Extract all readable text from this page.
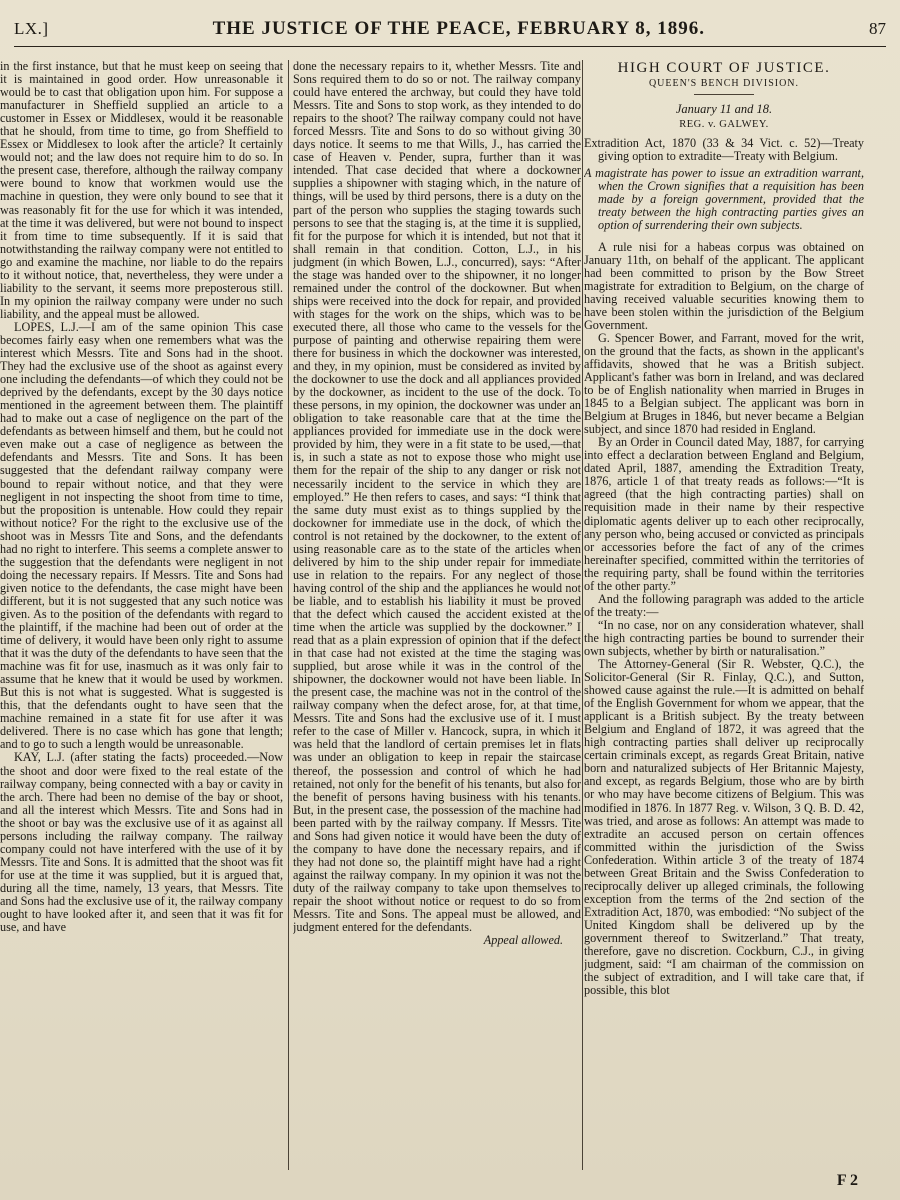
LX.]	THE JUSTICE OF THE PEACE, FEBRUARY 8, 1896.	87

in the first instance, but that he must keep on seeing that it is maintained in good order. How unreasonable it would be to cast that obligation upon him. For suppose a manufacturer in Sheffield supplied an article to a customer in Essex or Middlesex, would it be reasonable that he should, from time to time, go from Sheffield to Essex or Middlesex to look after the article? It certainly would not; and the law does not require him to do so. In the present case, therefore, although the railway company were bound to know that workmen would use the machine in question, they were only bound to see that it was reasonably fit for the use for which it was intended, at the time it was delivered, but were not bound to inspect it from time to time subsequently. If it is said that notwithstanding the railway company were not entitled to go and examine the machine, nor liable to do the repairs to it without notice, that, nevertheless, they were under a liability to the servant, it seems more preposterous still. In my opinion the railway company were under no such liability, and the appeal must be allowed.

LOPES, L.J.—I am of the same opinion This case becomes fairly easy when one remembers what was the interest which Messrs. Tite and Sons had in the shoot. They had the exclusive use of the shoot as against every one including the defendants—of which they could not be deprived by the defendants, except by the 30 days notice mentioned in the agreement between them. The plaintiff had to make out a case of negligence on the part of the defendants as between himself and them, but he could not even make out a case of negligence as between the defendants and Messrs. Tite and Sons. It has been suggested that the defendant railway company were bound to repair without notice, and that they were negligent in not inspecting the shoot from time to time, but the proposition is untenable. How could they repair without notice? For the right to the exclusive use of the shoot was in Messrs Tite and Sons, and the defendants had no right to interfere. This seems a complete answer to the suggestion that the defendants were negligent in not doing the necessary repairs. If Messrs. Tite and Sons had given notice to the defendants, the case might have been different, but it is not suggested that any such notice was given. As to the position of the defendants with regard to the plaintiff, if the machine had been out of order at the time of delivery, it would have been only right to assume that it was the duty of the defendants to have seen that the machine was fit for use, inasmuch as it was only fair to assume that he knew that it would be used by workmen. But this is not what is suggested. What is suggested is this, that the defendants ought to have seen that the machine remained in a state fit for use after it was delivered. There is no case which has gone that length; and to go to such a length would be unreasonable.

KAY, L.J. (after stating the facts) proceeded.—Now the shoot and door were fixed to the real estate of the railway company, being connected with a bay or cavity in the arch. There had been no demise of the bay or shoot, and all the interest which Messrs. Tite and Sons had in the shoot or bay was the exclusive use of it as against all persons including the railway company. The railway company could not have interfered with the use of it by Messrs. Tite and Sons. It is admitted that the shoot was fit for use at the time it was supplied, but it is argued that, during all the time, namely, 13 years, that Messrs. Tite and Sons had the exclusive use of it, the railway company ought to have looked after it, and seen that it was fit for use, and have

done the necessary repairs to it, whether Messrs. Tite and Sons required them to do so or not. The railway company could have entered the archway, but could they have told Messrs. Tite and Sons to stop work, as they intended to do repairs to the shoot? The railway company could not have forced Messrs. Tite and Sons to do so without giving 30 days notice. It seems to me that Wills, J., has carried the case of Heaven v. Pender, supra, further than it was intended. That case decided that where a dockowner supplies a shipowner with staging which, in the nature of things, will be used by third persons, there is a duty on the part of the person who supplies the staging towards such persons to see that the staging is, at the time it is supplied, fit for the purpose for which it is intended, but not that it shall remain in that condition. Cotton, L.J., in his judgment (in which Bowen, L.J., concurred), says: “After the stage was handed over to the shipowner, it no longer remained under the control of the dockowner. But when ships were received into the dock for repair, and provided with stages for the work on the ships, which was to be executed there, all those who came to the vessels for the purpose of painting and otherwise repairing them were there for business in which the dockowner was interested, and they, in my opinion, must be considered as invited by the dockowner to use the dock and all appliances provided by the dockowner, as incident to the use of the dock. To these persons, in my opinion, the dockowner was under an obligation to take reasonable care that at the time the appliances provided for immediate use in the dock were provided by him, they were in a fit state to be used,—that is, in such a state as not to expose those who might use them for the repair of the ship to any danger or risk not necessarily incident to the service in which they are employed.” He then refers to cases, and says: “I think that the same duty must exist as to things supplied by the dockowner for immediate use in the dock, of which the control is not retained by the dockowner, to the extent of using reasonable care as to the state of the articles when delivered by him to the ship under repair for immediate use in relation to the repairs. For any neglect of those having control of the ship and the appliances he would not be liable, and to establish his liability it must be proved that the defect which caused the accident existed at the time when the article was supplied by the dockowner.” I read that as a plain expression of opinion that if the defect in that case had not existed at the time the staging was supplied, but arose while it was in the control of the shipowner, the dockowner would not have been liable. In the present case, the machine was not in the control of the railway company when the defect arose, for, at that time, Messrs. Tite and Sons had the exclusive use of it. I must refer to the case of Miller v. Hancock, supra, in which it was held that the landlord of certain premises let in flats was under an obligation to keep in repair the staircase thereof, the possession and control of which he had retained, not only for the benefit of his tenants, but also for the benefit of persons having business with his tenants. But, in the present case, the possession of the machine had been parted with by the railway company. If Messrs. Tite and Sons had given notice it would have been the duty of the company to have done the necessary repairs, and if they had not done so, the plaintiff might have had a right against the railway company. In my opinion it was not the duty of the railway company to take upon themselves to repair the shoot without notice or request to do so from Messrs. Tite and Sons. The appeal must be allowed, and judgment entered for the defendants.

Appeal allowed.

HIGH COURT OF JUSTICE.
QUEEN'S BENCH DIVISION.
January 11 and 18.
REG. v. GALWEY.
Extradition Act, 1870 (33 & 34 Vict. c. 52)—Treaty giving option to extradite—Treaty with Belgium.
A magistrate has power to issue an extradition warrant, when the Crown signifies that a requisition has been made by a foreign government, provided that the treaty between the high contracting parties gives an option of surrendering their own subjects.

A rule nisi for a habeas corpus was obtained on January 11th, on behalf of the applicant. The applicant had been committed to prison by the Bow Street magistrate for extradition to Belgium, on the charge of having received valuable securities knowing them to have been stolen within the jurisdiction of the Belgium Government.

G. Spencer Bower, and Farrant, moved for the writ, on the ground that the facts, as shown in the applicant's affidavits, showed that he was a British subject. Applicant's father was born in Ireland, and was declared to be of English nationality when married in Bruges in 1845 to a Belgian subject. The applicant was born in Belgium at Bruges in 1846, but never became a Belgian subject, and since 1870 had resided in England.

By an Order in Council dated May, 1887, for carrying into effect a declaration between England and Belgium, dated April, 1887, amending the Extradition Treaty, 1876, article 1 of that treaty reads as follows:—“It is agreed (that the high contracting parties) shall on requisition made in their name by their respective diplomatic agents deliver up to each other reciprocally, any person who, being accused or convicted as principals or accessories before the fact of any of the crimes hereinafter specified, committed within the territories of the requiring party, shall be found within the territories of the other party.”

And the following paragraph was added to the article of the treaty:—

“In no case, nor on any consideration whatever, shall the high contracting parties be bound to surrender their own subjects, whether by birth or naturalisation.”

The Attorney-General (Sir R. Webster, Q.C.), the Solicitor-General (Sir R. Finlay, Q.C.), and Sutton, showed cause against the rule.—It is admitted on behalf of the English Government for whom we appear, that the applicant is a British subject. By the treaty between Belgium and England of 1872, it was agreed that the high contracting parties shall deliver up reciprocally certain criminals except, as regards Great Britain, native born and naturalized subjects of Her Britannic Majesty, and except, as regards Belgium, those who are by birth or who may have become citizens of Belgium. This was modified in 1876. In 1877 Reg. v. Wilson, 3 Q. B. D. 42, was tried, and arose as follows: An attempt was made to extradite an accused person on certain offences committed within the jurisdiction of the Swiss Confederation. Within article 3 of the treaty of 1874 between Great Britain and the Swiss Confederation to reciprocally deliver up alleged criminals, the following exception from the terms of the 2nd section of the Extradition Act, 1870, was embodied: “No subject of the United Kingdom shall be delivered up by the government thereof to Switzerland.” That treaty, therefore, gave no discretion. Cockburn, C.J., in giving judgment, said: “I am chairman of the commission on the subject of extradition, and I will take care that, if possible, this blot

F 2
